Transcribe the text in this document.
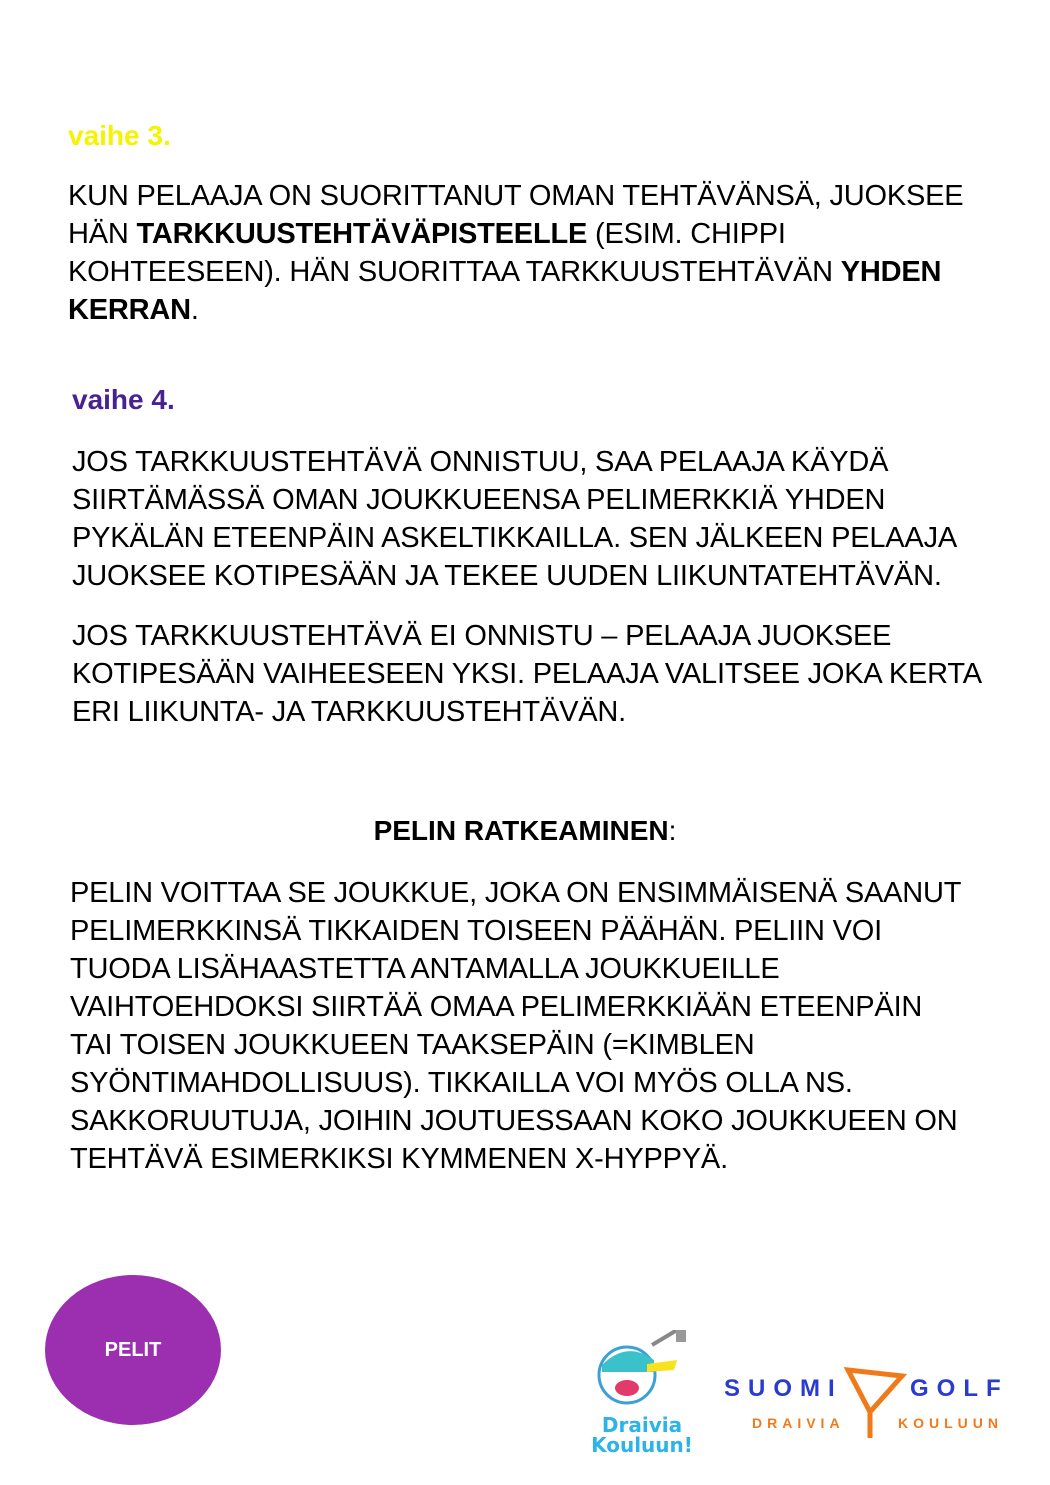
vaihe 3.

KUN PELAAJA ON SUORITTANUT OMAN TEHTÄVÄNSÄ, JUOKSEE HÄN TARKKUUSTEHTÄVÄPISTEELLE (ESIM. CHIPPI KOHTEESEEN). HÄN SUORITTAA TARKKUUSTEHTÄVÄN YHDEN KERRAN.

vaihe 4.

JOS TARKKUUSTEHTÄVÄ ONNISTUU, SAA PELAAJA KÄYDÄ SIIRTÄMÄSSÄ OMAN JOUKKUEENSA PELIMERKKIÄ YHDEN PYKÄLÄN ETEENPÄIN ASKELTIKKAILLA. SEN JÄLKEEN PELAAJA JUOKSEE KOTIPESÄÄN JA TEKEE UUDEN LIIKUNTATEHTÄVÄN.

JOS TARKKUUSTEHTÄVÄ EI ONNISTU – PELAAJA JUOKSEE KOTIPESÄÄN VAIHEESEEN YKSI. PELAAJA VALITSEE JOKA KERTA ERI LIIKUNTA- JA TARKKUUSTEHTÄVÄN.

PELIN RATKEAMINEN:

PELIN VOITTAA SE JOUKKUE, JOKA ON ENSIMMÄISENÄ SAANUT PELIMERKKINSÄ TIKKAIDEN TOISEEN PÄÄHÄN. PELIIN VOI TUODA LISÄHAASTETTA ANTAMALLA JOUKKUEILLE VAIHTOEHDOKSI SIIRTÄÄ OMAA PELIMERKKIÄÄN ETEENPÄIN TAI TOISEN JOUKKUEEN TAAKSEPÄIN (=KIMBLEN SYÖNTIMAHDOLLISUUS). TIKKAILLA VOI MYÖS OLLA NS. SAKKORUUTUJA, JOIHIN JOUTUESSAAN KOKO JOUKKUEEN ON TEHTÄVÄ ESIMERKIKSI KYMMENEN X-HYPPYÄ.

PELIT
Draivia
Kouluun!
SUOMI	GOLF
DRAIVIA	KOULUUN
